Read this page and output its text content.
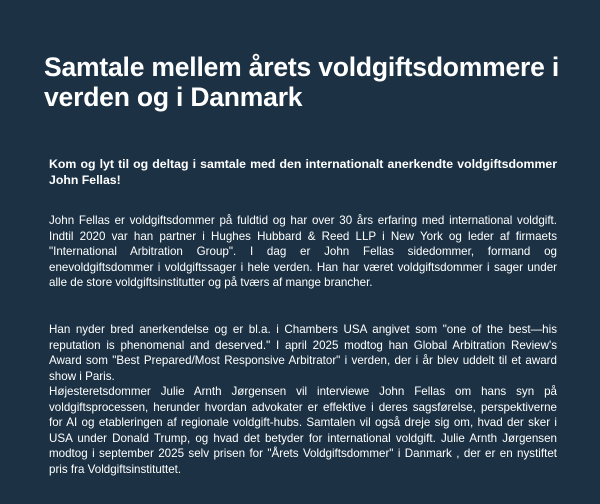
Samtale mellem årets voldgiftsdommere i verden og i Danmark

Kom og lyt til og deltag i samtale med den internationalt anerkendte voldgiftsdommer John Fellas!

John Fellas er voldgiftsdommer på fuldtid og har over 30 års erfaring med international voldgift. Indtil 2020 var han partner i Hughes Hubbard & Reed LLP i New York og leder af firmaets "International Arbitration Group". I dag er John Fellas sidedommer, formand og enevoldgiftsdommer i voldgiftssager i hele verden. Han har været voldgiftsdommer i sager under alle de store voldgiftsinstitutter og på tværs af mange brancher.

Han nyder bred anerkendelse og er bl.a. i Chambers USA angivet som "one of the best—his reputation is phenomenal and deserved." I april 2025 modtog han Global Arbitration Review's Award som "Best Prepared/Most Responsive Arbitrator" i verden, der i år blev uddelt til et award show i Paris.

Højesteretsdommer Julie Arnth Jørgensen vil interviewe John Fellas om hans syn på voldgiftsprocessen, herunder hvordan advokater er effektive i deres sagsførelse, perspektiverne for AI og etableringen af regionale voldgift-hubs. Samtalen vil også dreje sig om, hvad der sker i USA under Donald Trump, og hvad det betyder for international voldgift. Julie Arnth Jørgensen modtog i september 2025 selv prisen for "Årets Voldgiftsdommer" i Danmark , der er en nystiftet pris fra Voldgiftsinstituttet.
